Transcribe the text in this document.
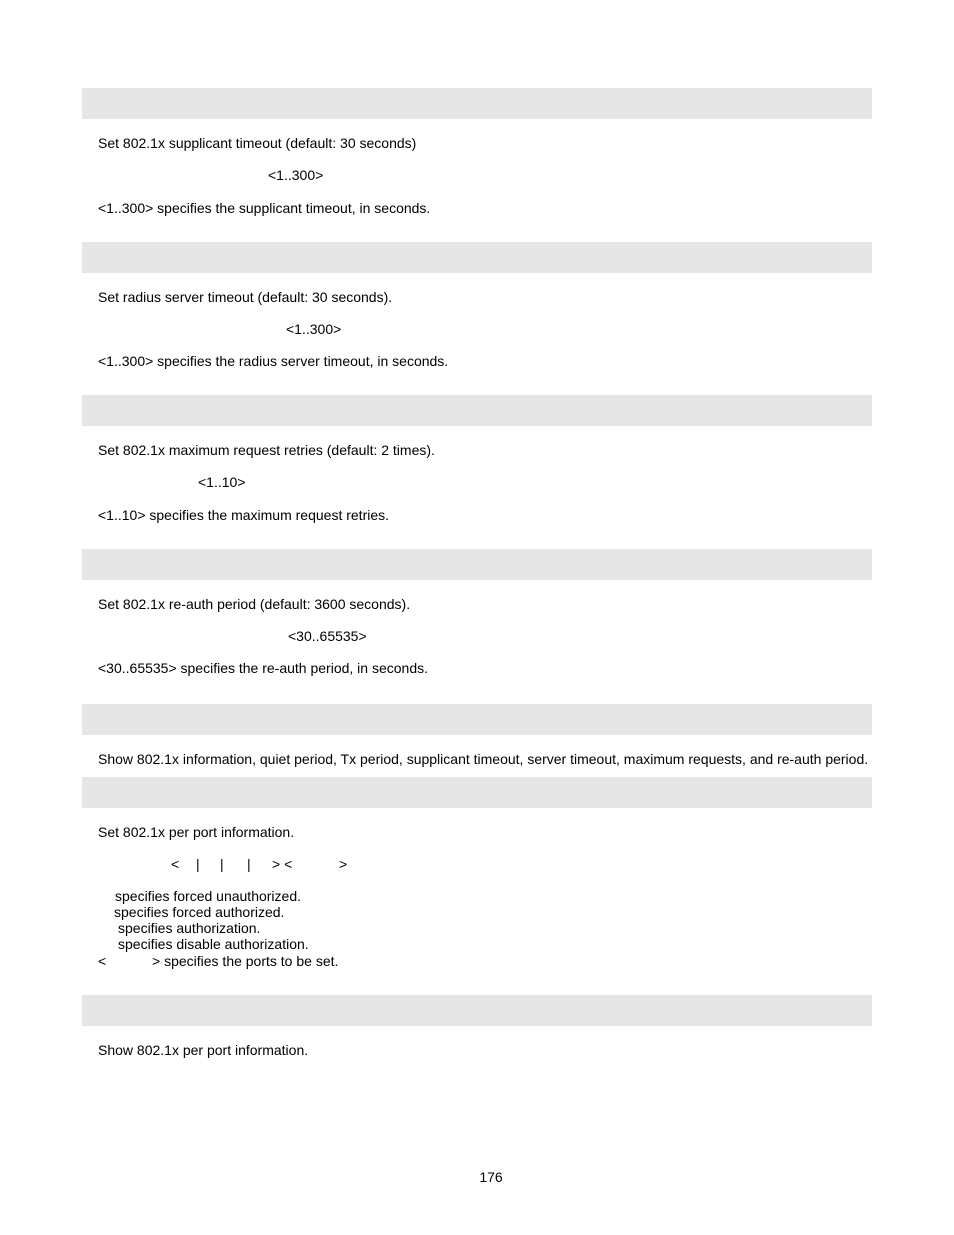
Set 802.1x supplicant timeout (default: 30 seconds)
<1..300>
<1..300> specifies the supplicant timeout, in seconds.
Set radius server timeout (default: 30 seconds).
<1..300>
<1..300> specifies the radius server timeout, in seconds.
Set 802.1x maximum request retries (default: 2 times).
<1..10>
<1..10> specifies the maximum request retries.
Set 802.1x re-auth period (default: 3600 seconds).
<30..65535>
<30..65535> specifies the re-auth period, in seconds.
Show 802.1x information, quiet period, Tx period, supplicant timeout, server timeout, maximum requests, and re-auth period.
Set 802.1x per port information.
< | | | > <	>
specifies forced unauthorized.
specifies forced authorized.
specifies authorization.
specifies disable authorization.
<	> specifies the ports to be set.
Show 802.1x per port information.
176
